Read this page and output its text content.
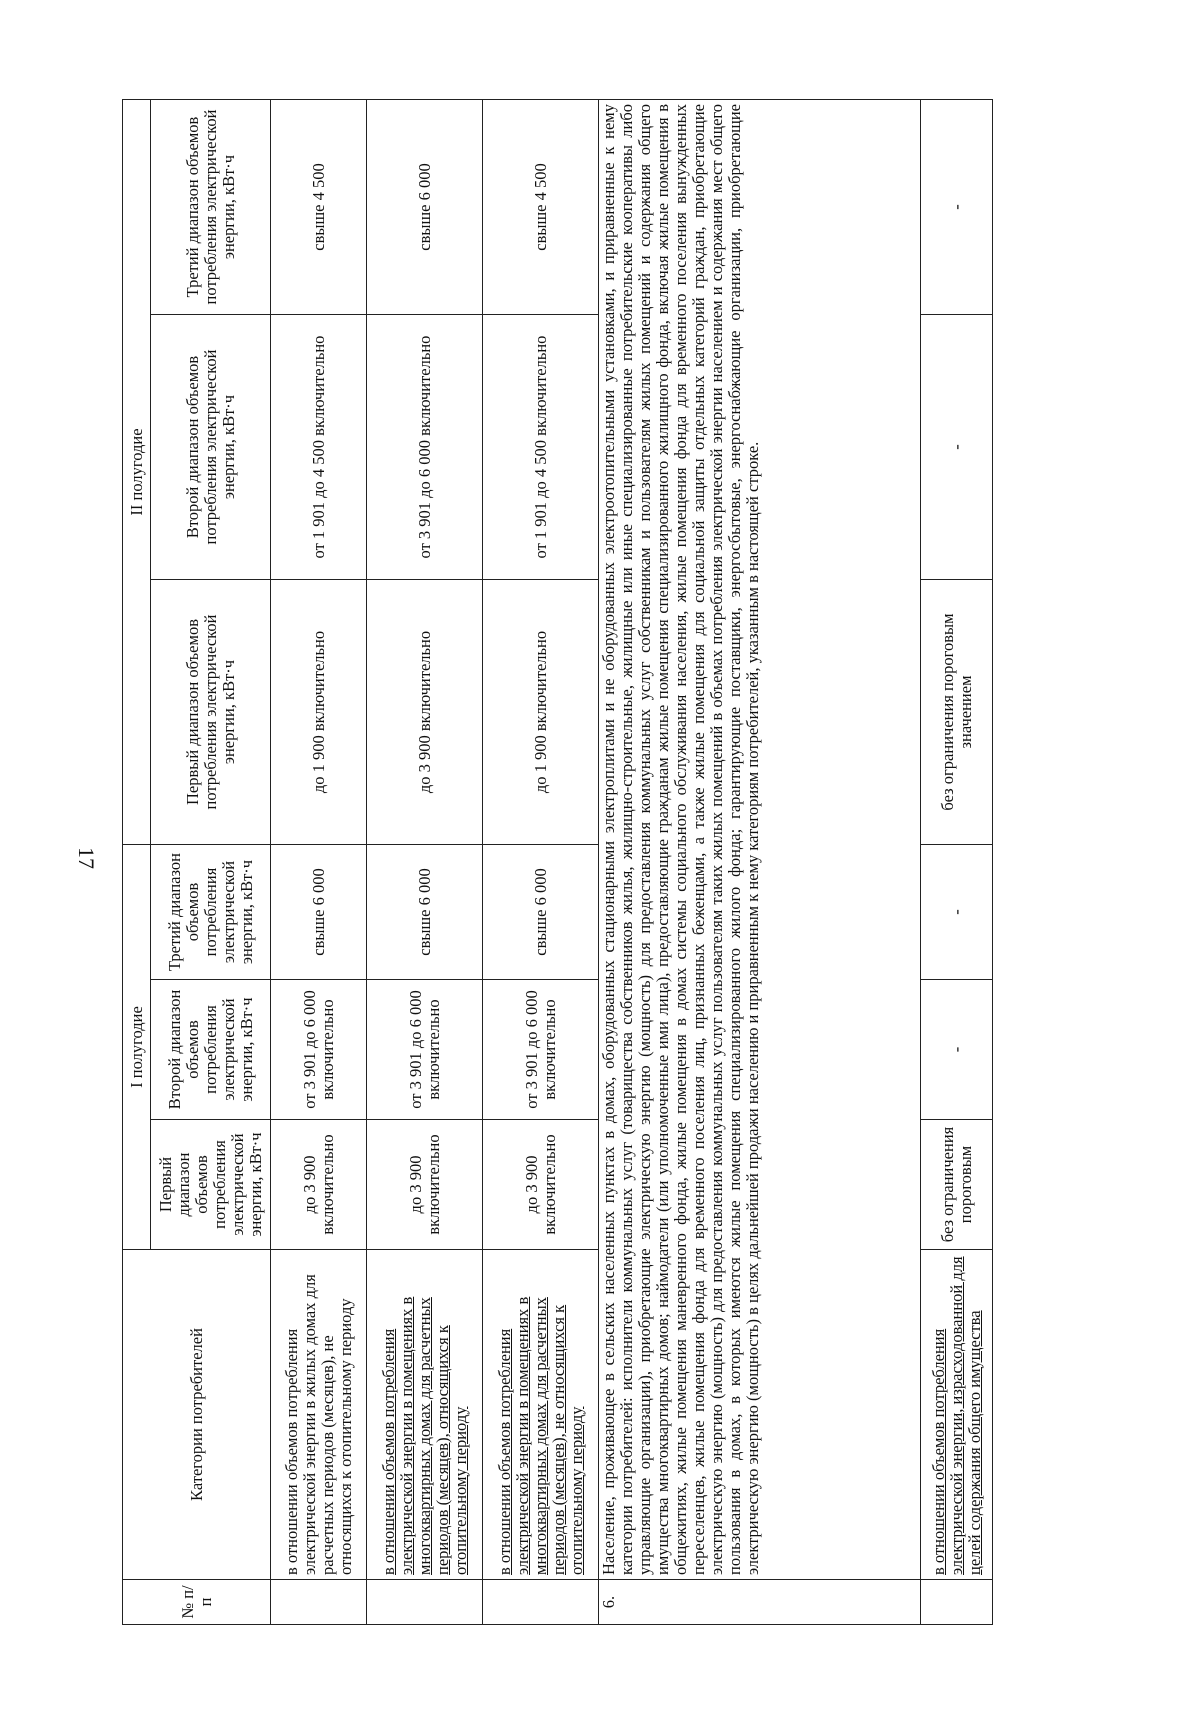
17
№ п/п	Категории потребителей	I полугодие			II полугодие		
		Первый диапазон объемов потребления электрической энергии, кВт·ч	Второй диапазон объемов потребления электрической энергии, кВт·ч	Третий диапазон объемов потребления электрической энергии, кВт·ч	Первый диапазон объемов потребления электрической энергии, кВт·ч	Второй диапазон объемов потребления электрической энергии, кВт·ч	Третий диапазон объемов потребления электрической энергии, кВт·ч
	в отношении объемов потребления электрической энергии в жилых домах для расчетных периодов (месяцев), не относящихся к отопительному периоду	до 3 900 включительно	от 3 901 до 6 000 включительно	свыше 6 000	до 1 900 включительно	от 1 901 до 4 500 включительно	свыше 4 500
	в отношении объемов потребления электрической энергии в помещениях в многоквартирных домах для расчетных периодов (месяцев), относящихся к отопительному периоду	до 3 900 включительно	от 3 901 до 6 000 включительно	свыше 6 000	до 3 900 включительно	от 3 901 до 6 000 включительно	свыше 6 000
	в отношении объемов потребления электрической энергии в помещениях в многоквартирных домах для расчетных периодов (месяцев), не относящихся к отопительному периоду	до 3 900 включительно	от 3 901 до 6 000 включительно	свыше 6 000	до 1 900 включительно	от 1 901 до 4 500 включительно	свыше 4 500
6.	Население, проживающее в сельских населенных пунктах в домах, оборудованных стационарными электроплитами и не оборудованных электроотопительными установками, и приравненные к нему категории потребителей: исполнители коммунальных услуг (товарищества собственников жилья, жилищно-строительные, жилищные или иные специализированные потребительские кооперативы либо управляющие организации), приобретающие электрическую энергию (мощность) для предоставления коммунальных услуг собственникам и пользователям жилых помещений и содержания общего имущества многоквартирных домов; наймодатели (или уполномоченные ими лица), предоставляющие гражданам жилые помещения специализированного жилищного фонда, включая жилые помещения в общежитиях, жилые помещения маневренного фонда, жилые помещения в домах системы социального обслуживания населения, жилые помещения фонда для временного поселения вынужденных переселенцев, жилые помещения фонда для временного поселения лиц, признанных беженцами, а также жилые помещения для социальной защиты отдельных категорий граждан, приобретающие электрическую энергию (мощность) для предоставления коммунальных услуг пользователям таких жилых помещений в объемах потребления электрической энергии населением и содержания мест общего пользования в домах, в которых имеются жилые помещения специализированного жилого фонда; гарантирующие поставщики, энергосбытовые, энергоснабжающие организации, приобретающие электрическую энергию (мощность) в целях дальнейшей продажи населению и приравненным к нему категориям потребителей, указанным в настоящей строке.						
	в отношении объемов потребления электрической энергии, израсходованной для целей содержания общего имущества	без ограничения пороговым	-	-	без ограничения пороговым значением	-	-
